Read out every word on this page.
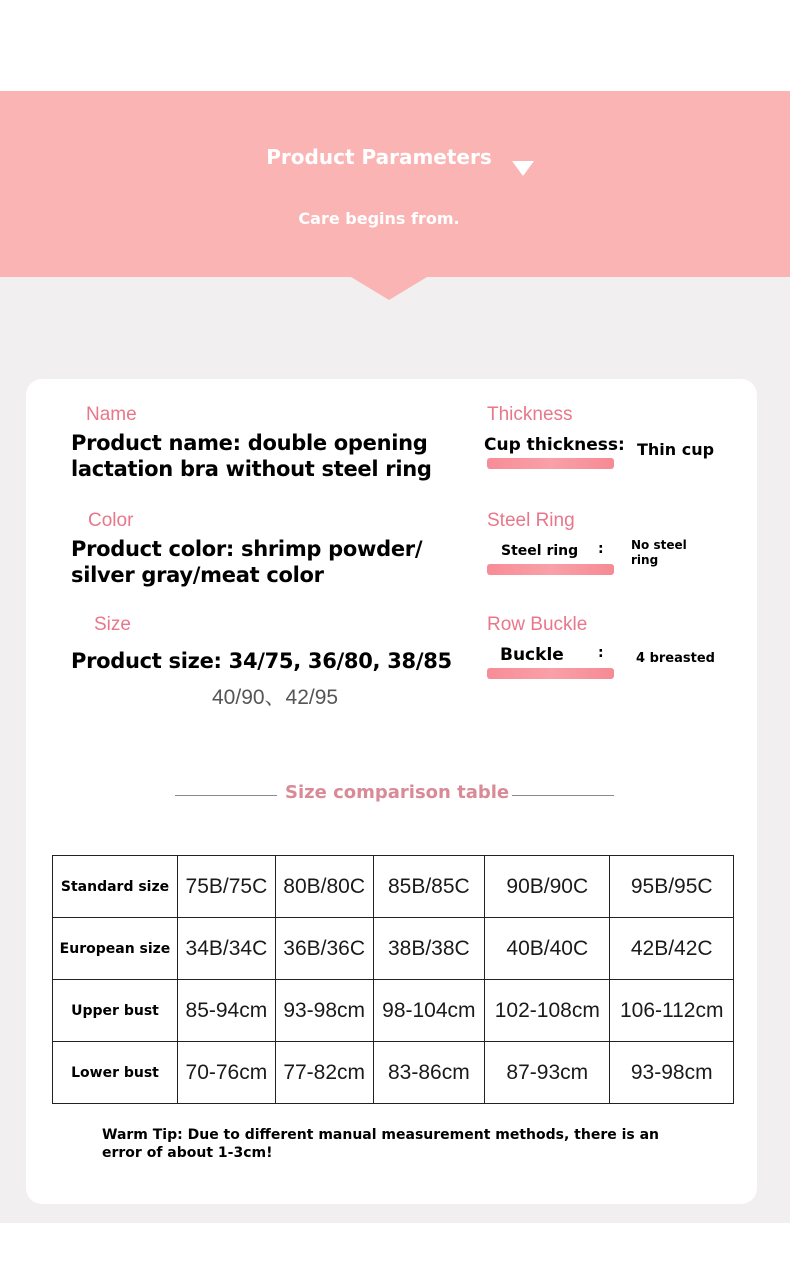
Product Parameters
Care begins from.
Name
Product name: double opening
lactation bra without steel ring
Color
Product color: shrimp powder/
silver gray/meat color
Size
Product size: 34/75, 36/80, 38/85
40/90、42/95
Thickness
Cup thickness: Thin cup
Steel Ring
Steel ring : No steel
ring
Row Buckle
Buckle : 4 breasted
Size comparison table
Standard size	75B/75C	80B/80C	85B/85C	90B/90C	95B/95C
European size	34B/34C	36B/36C	38B/38C	40B/40C	42B/42C
Upper bust	85-94cm	93-98cm	98-104cm	102-108cm	106-112cm
Lower bust	70-76cm	77-82cm	83-86cm	87-93cm	93-98cm
Warm Tip: Due to different manual measurement methods, there is an error of about 1-3cm!
